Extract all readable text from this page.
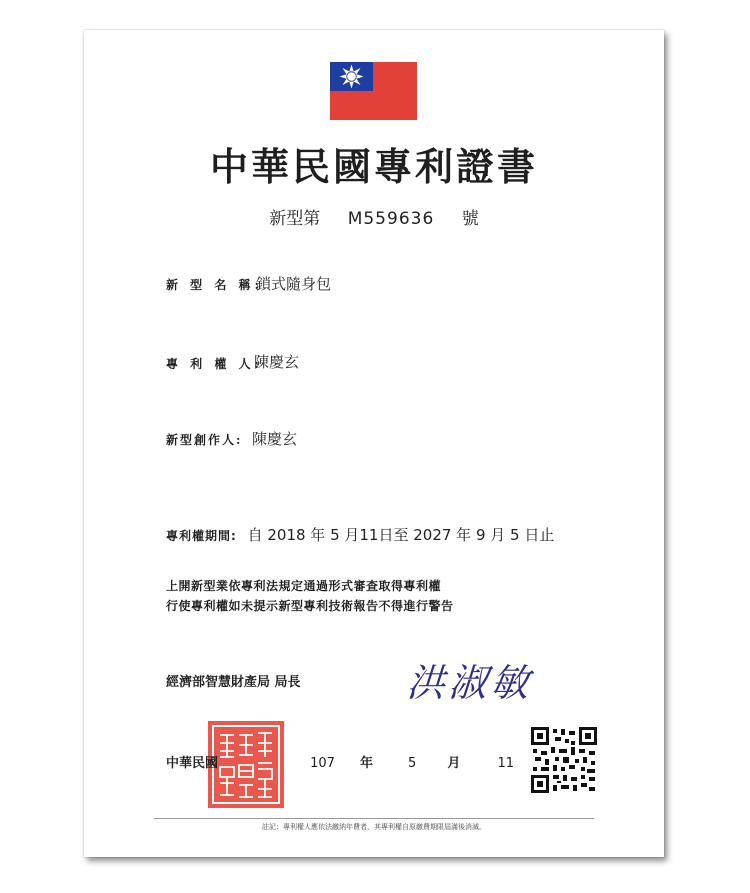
中華民國專利證書
新型第 M559636 號
新 型 名 稱:
鎖式隨身包
專 利 權 人:
陳慶玄
新型創作人: 陳慶玄
專利權期間: 自 2018 年 5 月11日至 2027 年 9 月 5 日止
上開新型業依專利法規定通過形式審查取得專利權
行使專利權如未提示新型專利技術報告不得進行警告
經濟部智慧財產局 局長	洪淑敏
中華民國	107 年	5 月	11
註記：專利權人應依法繳納年費者，其專利權自原繳費期限屆滿後消滅。
